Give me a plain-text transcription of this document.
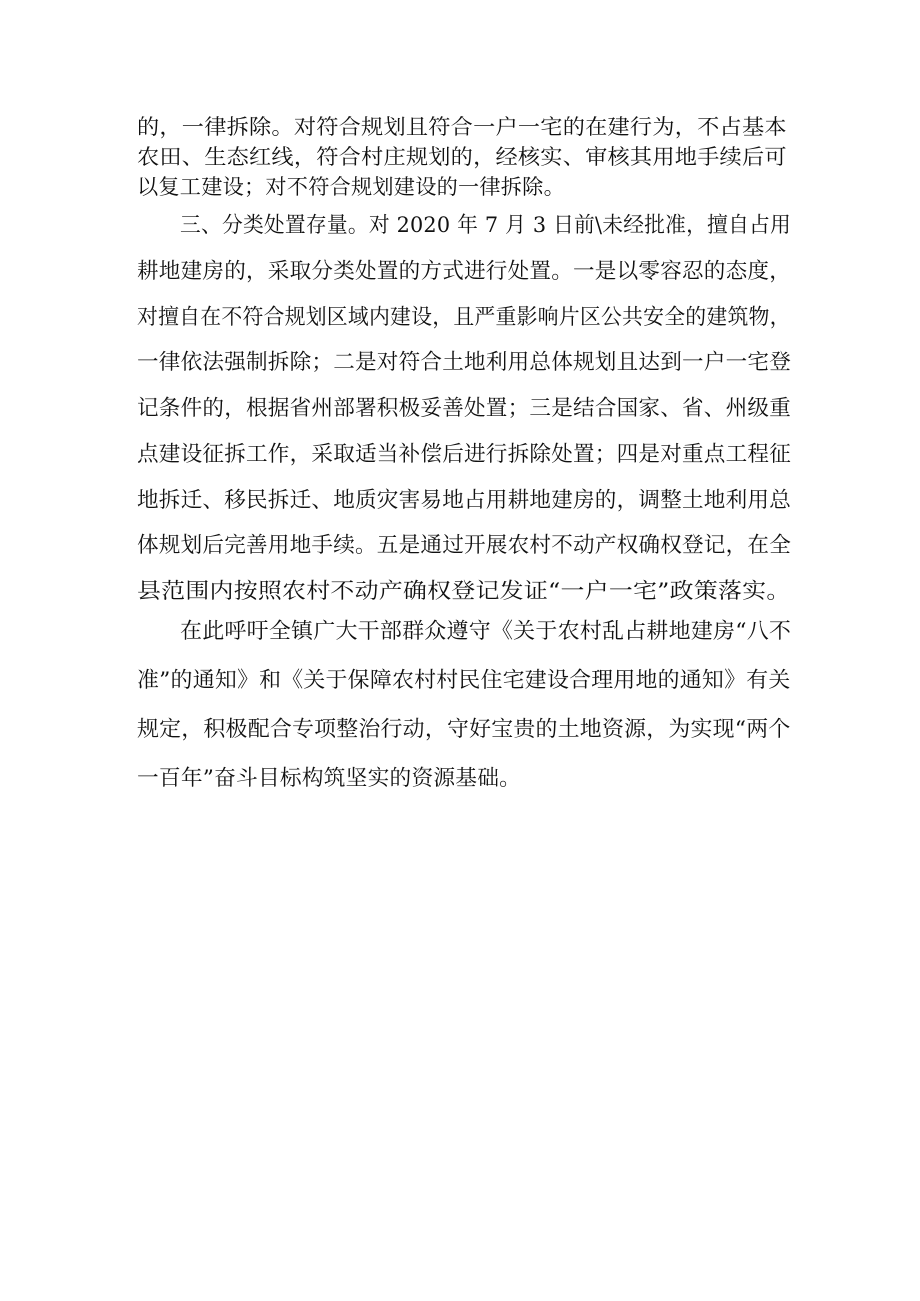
的，一律拆除。对符合规划且符合一户一宅的在建行为，不占基本
农田、生态红线，符合村庄规划的，经核实、审核其用地手续后可
以复工建设；对不符合规划建设的一律拆除。
三、分类处置存量。对 2020 年 7 月 3 日前\未经批准，擅自占用
耕地建房的，采取分类处置的方式进行处置。一是以零容忍的态度，
对擅自在不符合规划区域内建设，且严重影响片区公共安全的建筑物，
一律依法强制拆除；二是对符合土地利用总体规划且达到一户一宅登
记条件的，根据省州部署积极妥善处置；三是结合国家、省、州级重
点建设征拆工作，采取适当补偿后进行拆除处置；四是对重点工程征
地拆迁、移民拆迁、地质灾害易地占用耕地建房的，调整土地利用总
体规划后完善用地手续。五是通过开展农村不动产权确权登记，在全
县范围内按照农村不动产确权登记发证“一户一宅”政策落实。
在此呼吁全镇广大干部群众遵守《关于农村乱占耕地建房“八不
准”的通知》和《关于保障农村村民住宅建设合理用地的通知》有关
规定，积极配合专项整治行动，守好宝贵的土地资源，为实现“两个
一百年”奋斗目标构筑坚实的资源基础。
